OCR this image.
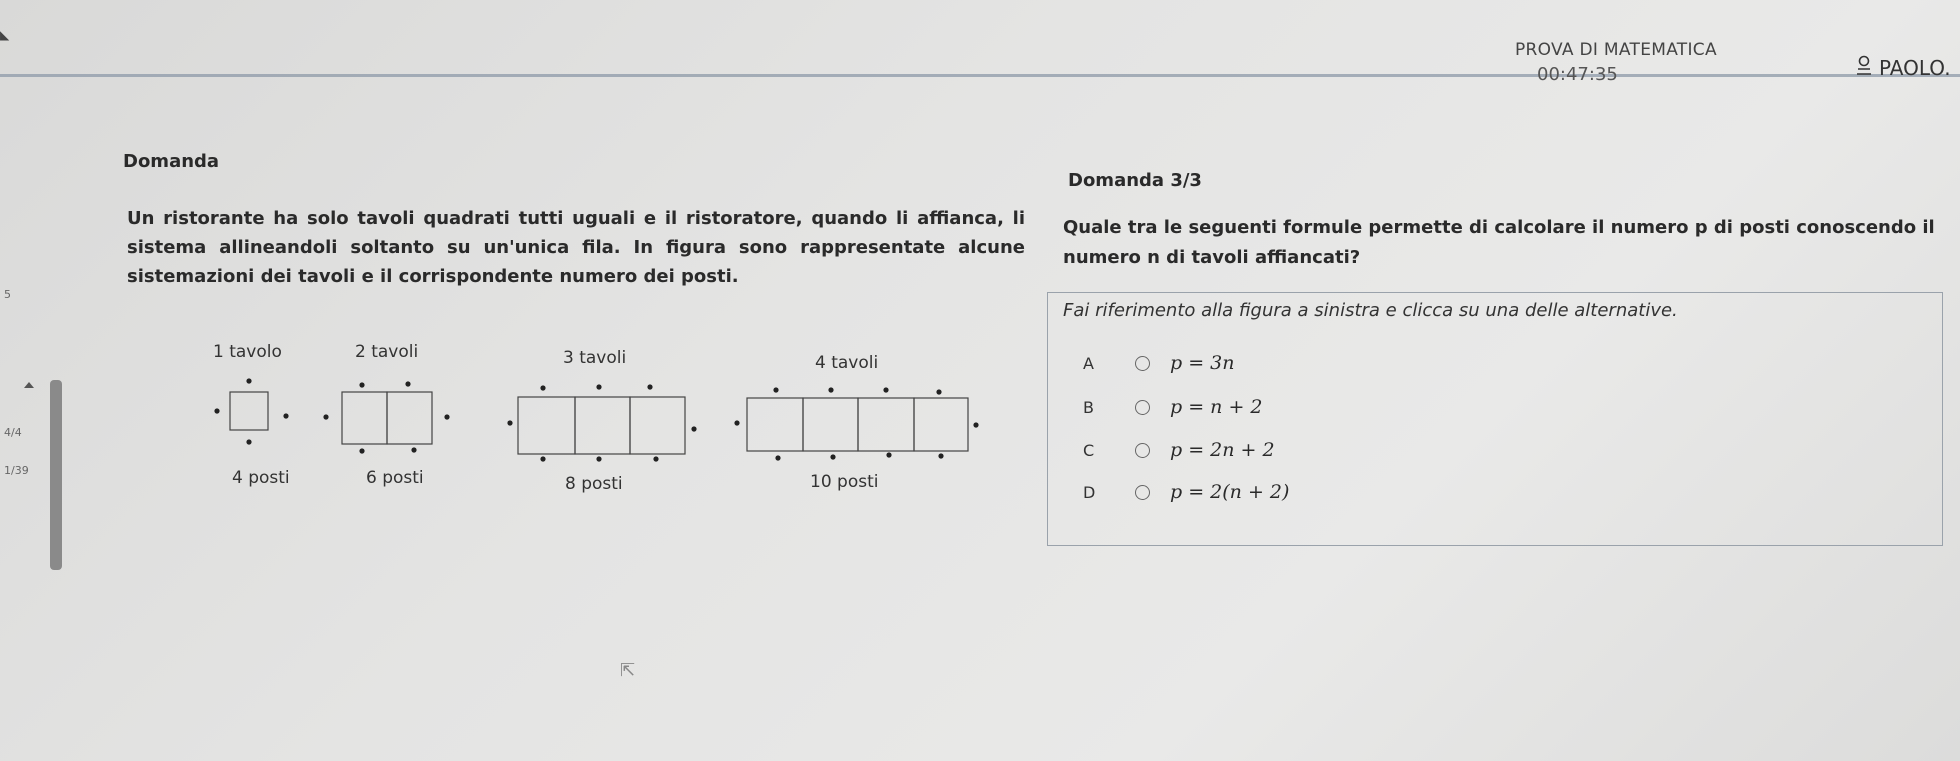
PROVA DI MATEMATICA
00:47:35	PAOLO.
◣
5
4/4
1/39
Domanda
Un ristorante ha solo tavoli quadrati tutti uguali e il ristoratore, quando li affianca, li sistema allineandoli soltanto su un'unica fila. In figura sono rappresentate alcune sistemazioni dei tavoli e il corrispondente numero dei posti.
1 tavolo	2 tavoli	3 tavoli	4 tavoli
4 posti	6 posti	8 posti	10 posti
Domanda 3/3
Quale tra le seguenti formule permette di calcolare il numero p di posti conoscendo il numero n di tavoli affiancati?
Fai riferimento alla figura a sinistra e clicca su una delle alternative.
A	p = 3n
B	p = n + 2
C	p = 2n + 2
D	p = 2(n + 2)
⇱
